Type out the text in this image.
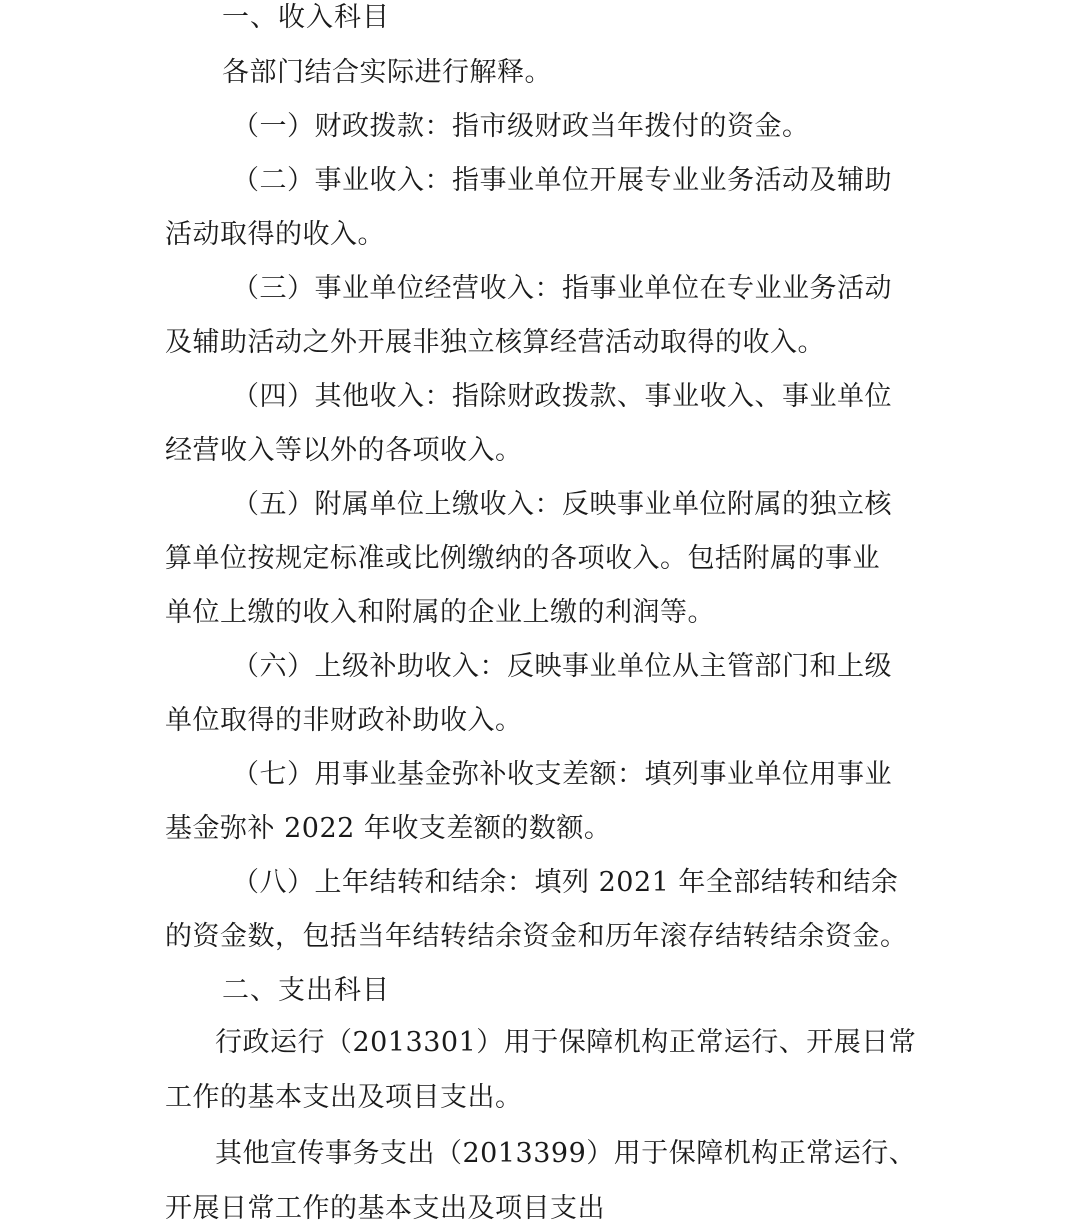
一、收入科目
各部门结合实际进行解释。
（一）财政拨款：指市级财政当年拨付的资金。
（二）事业收入：指事业单位开展专业业务活动及辅助
活动取得的收入。
（三）事业单位经营收入：指事业单位在专业业务活动
及辅助活动之外开展非独立核算经营活动取得的收入。
（四）其他收入：指除财政拨款、事业收入、事业单位
经营收入等以外的各项收入。
（五）附属单位上缴收入：反映事业单位附属的独立核
算单位按规定标准或比例缴纳的各项收入。包括附属的事业
单位上缴的收入和附属的企业上缴的利润等。
（六）上级补助收入：反映事业单位从主管部门和上级
单位取得的非财政补助收入。
（七）用事业基金弥补收支差额：填列事业单位用事业
基金弥补 2022 年收支差额的数额。
（八）上年结转和结余：填列 2021 年全部结转和结余
的资金数，包括当年结转结余资金和历年滚存结转结余资金。
二、支出科目
行政运行（2013301）用于保障机构正常运行、开展日常
工作的基本支出及项目支出。
其他宣传事务支出（2013399）用于保障机构正常运行、
开展日常工作的基本支出及项目支出
